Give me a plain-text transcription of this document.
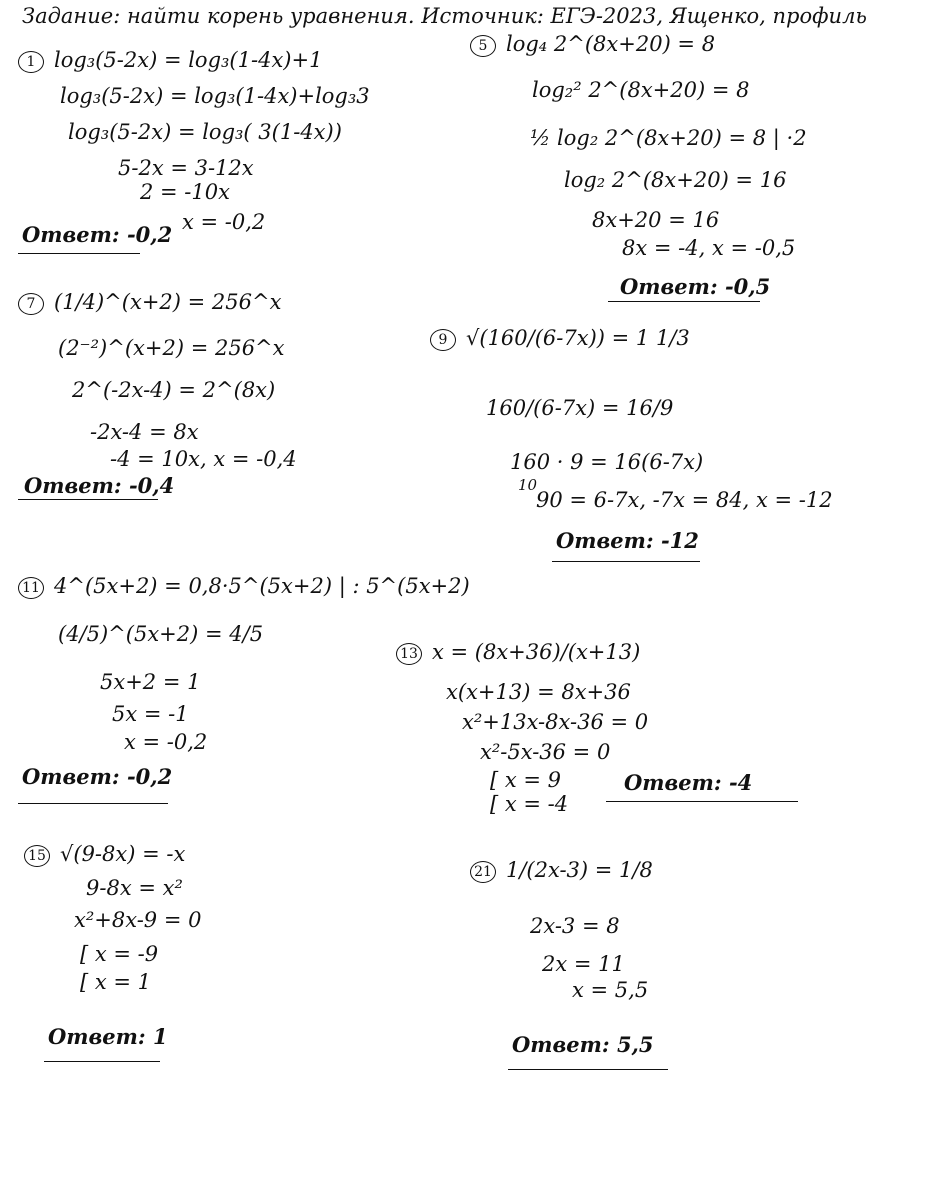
Задание: найти корень уравнения. Источник: ЕГЭ-2023, Ященко, профиль
1 log₃(5-2x) = log₃(1-4x)+1
log₃(5-2x) = log₃(1-4x)+log₃3
log₃(5-2x) = log₃( 3(1-4x))
5-2x = 3-12x
2 = -10x
x = -0,2
Ответ: -0,2
5 log₄ 2^(8x+20) = 8
log₂² 2^(8x+20) = 8
½ log₂ 2^(8x+20) = 8 | ·2
log₂ 2^(8x+20) = 16
8x+20 = 16
8x = -4, x = -0,5
Ответ: -0,5
7 (1/4)^(x+2) = 256^x
(2⁻²)^(x+2) = 256^x
2^(-2x-4) = 2^(8x)
-2x-4 = 8x
-4 = 10x, x = -0,4
Ответ: -0,4
9 √(160/(6-7x)) = 1 1/3
160/(6-7x) = 16/9
160 · 9 = 16(6-7x)
10
90 = 6-7x, -7x = 84, x = -12
Ответ: -12
11 4^(5x+2) = 0,8·5^(5x+2) | : 5^(5x+2)
(4/5)^(5x+2) = 4/5
5x+2 = 1
5x = -1
x = -0,2
Ответ: -0,2
13 x = (8x+36)/(x+13)
x(x+13) = 8x+36
x²+13x-8x-36 = 0
x²-5x-36 = 0
[ x = 9
[ x = -4
Ответ: -4
15 √(9-8x) = -x
9-8x = x²
x²+8x-9 = 0
[ x = -9
[ x = 1
Ответ: 1
21 1/(2x-3) = 1/8
2x-3 = 8
2x = 11
x = 5,5
Ответ: 5,5
